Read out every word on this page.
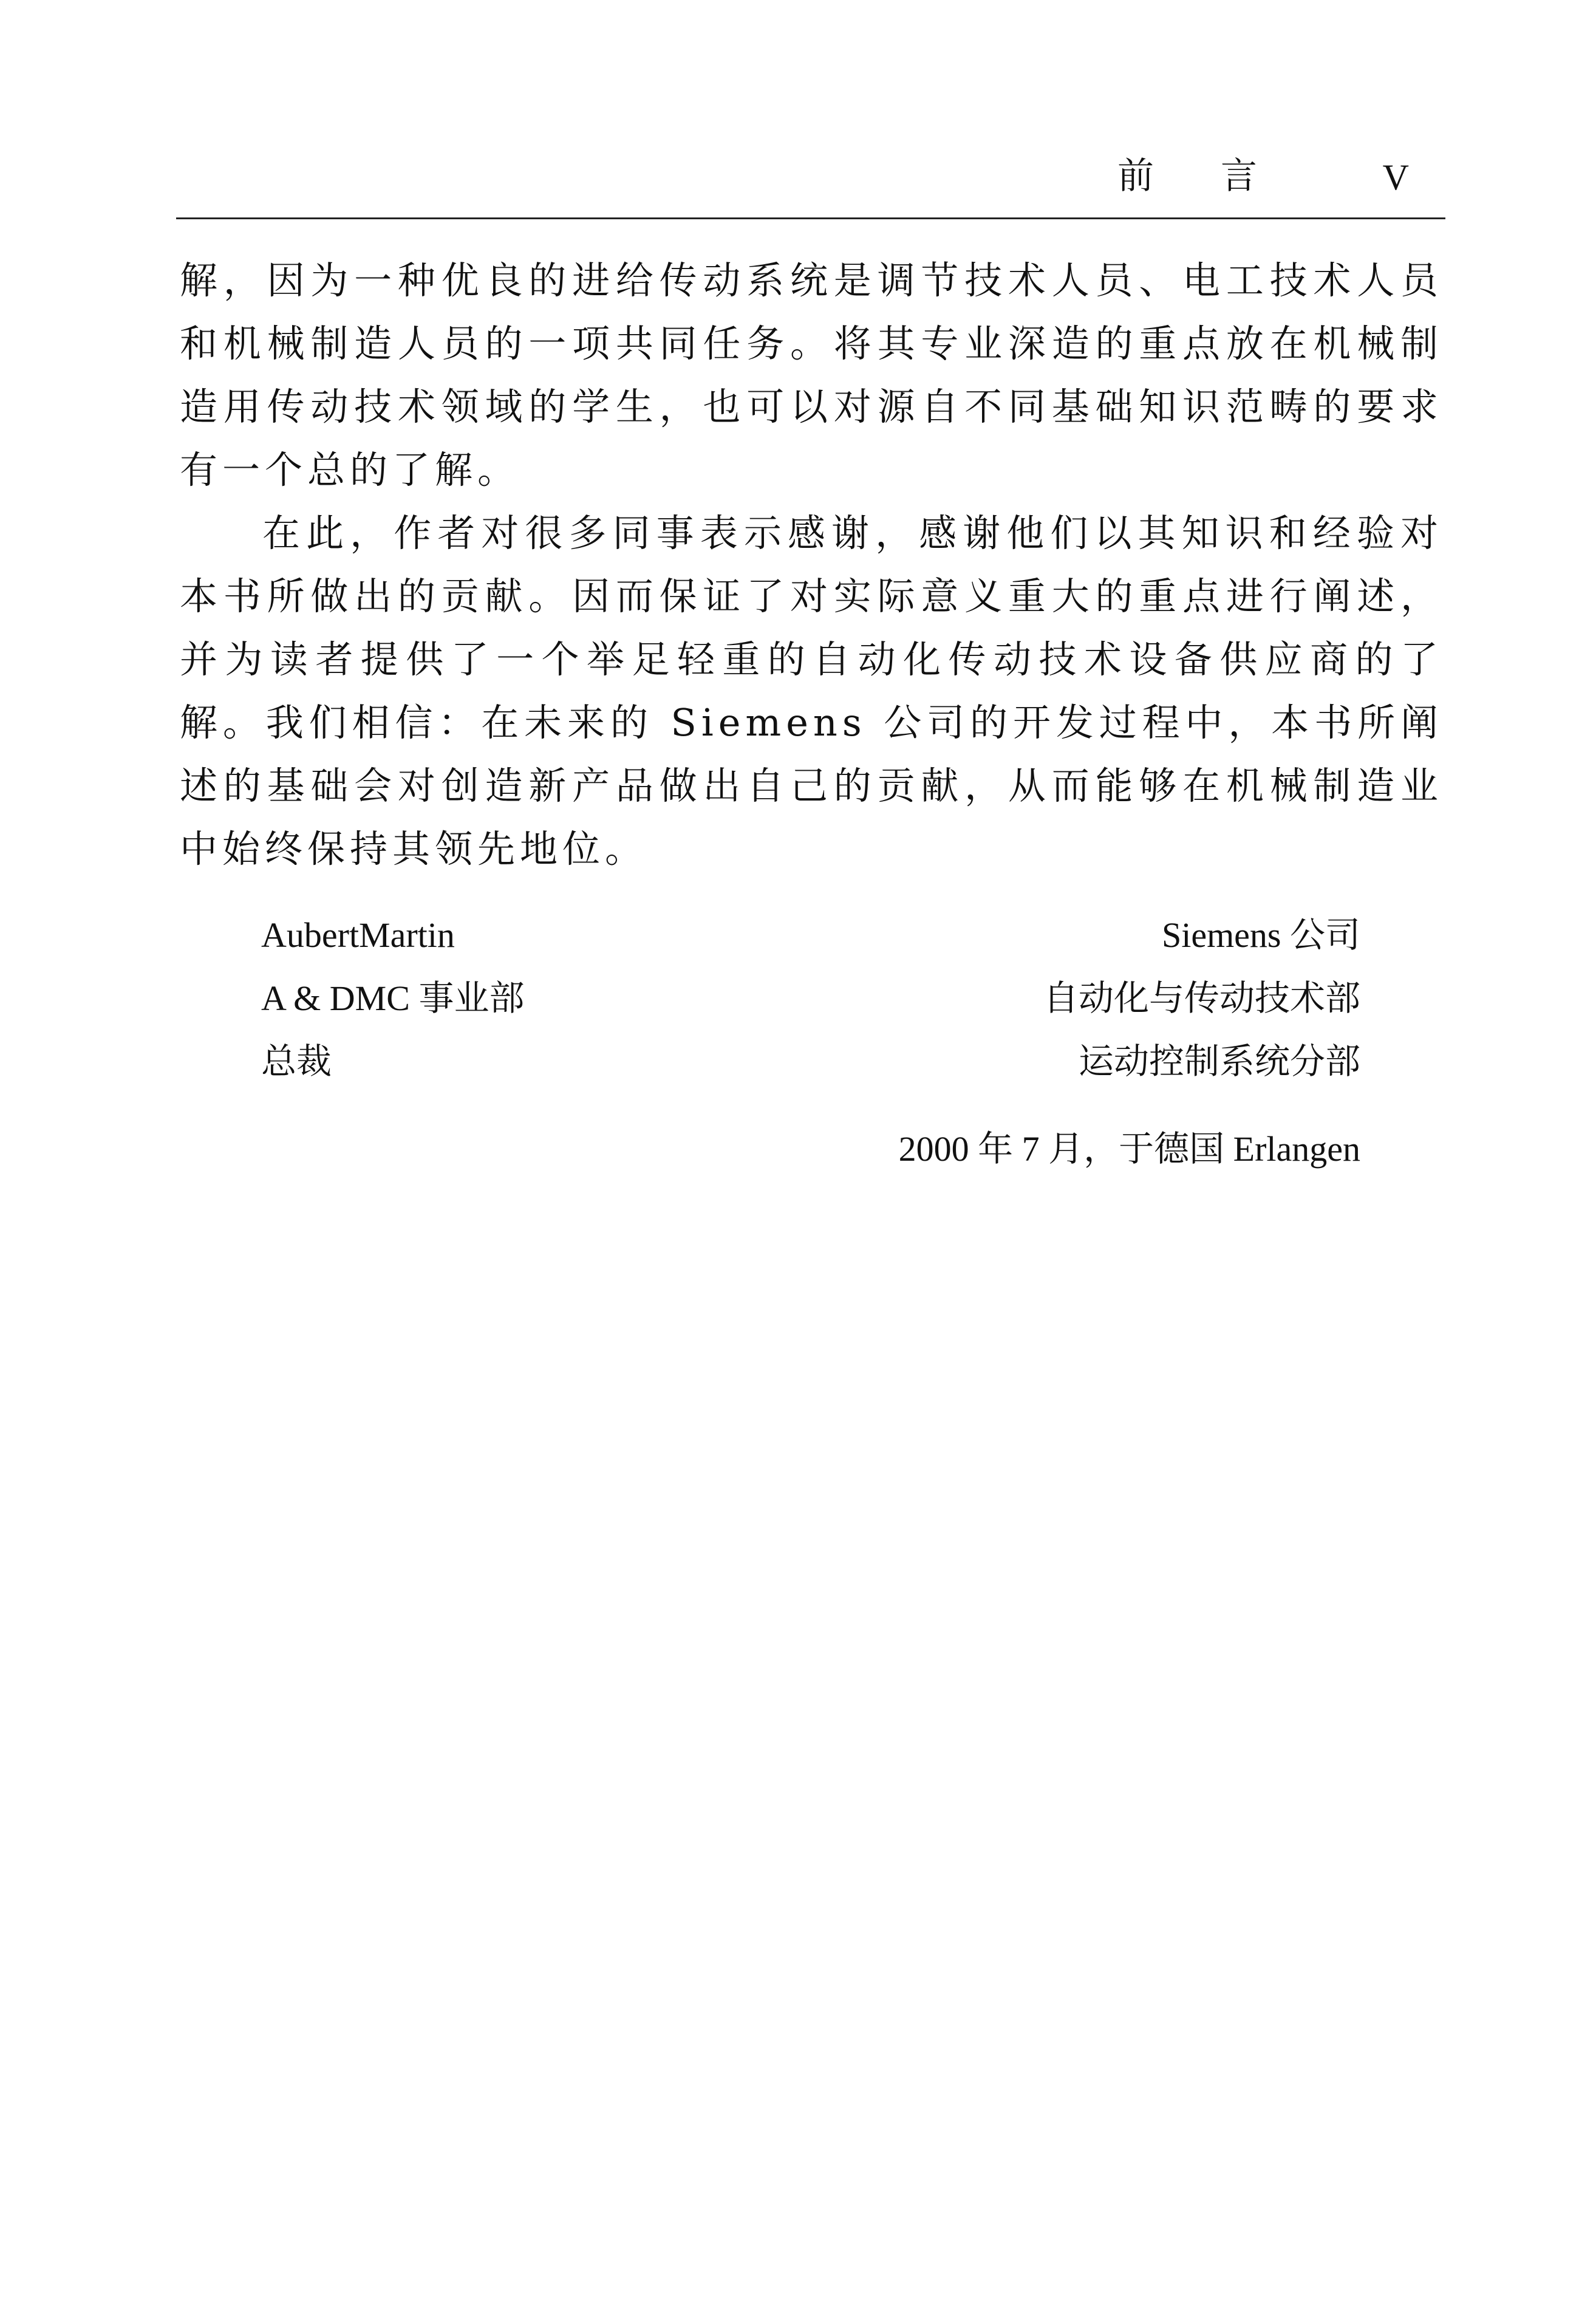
前言 V

解，因为一种优良的进给传动系统是调节技术人员、电工技术人员和机械制造人员的一项共同任务。将其专业深造的重点放在机械制造用传动技术领域的学生，也可以对源自不同基础知识范畴的要求有一个总的了解。

在此，作者对很多同事表示感谢，感谢他们以其知识和经验对本书所做出的贡献。因而保证了对实际意义重大的重点进行阐述，并为读者提供了一个举足轻重的自动化传动技术设备供应商的了解。我们相信：在未来的 Siemens 公司的开发过程中，本书所阐述的基础会对创造新产品做出自己的贡献，从而能够在机械制造业中始终保持其领先地位。

AubertMartin
A & DMC 事业部
总裁
Siemens 公司
自动化与传动技术部
运动控制系统分部
2000 年 7 月，于德国 Erlangen
